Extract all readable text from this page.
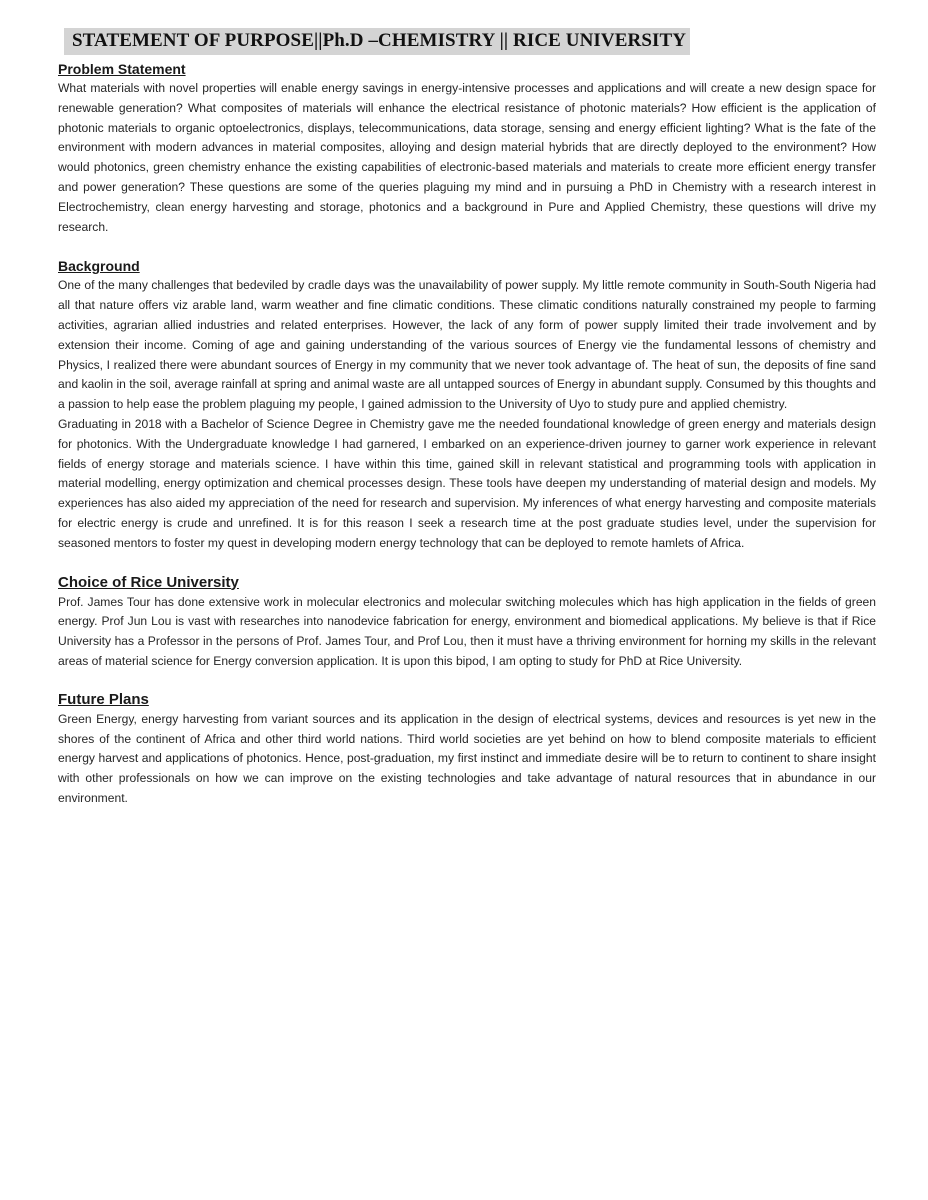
STATEMENT OF PURPOSE||Ph.D –CHEMISTRY || RICE UNIVERSITY

Problem Statement

What materials with novel properties will enable energy savings in energy-intensive processes and applications and will create a new design space for renewable generation? What composites of materials will enhance the electrical resistance of photonic materials? How efficient is the application of photonic materials to organic optoelectronics, displays, telecommunications, data storage, sensing and energy efficient lighting? What is the fate of the environment with modern advances in material composites, alloying and design material hybrids that are directly deployed to the environment? How would photonics, green chemistry enhance the existing capabilities of electronic-based materials and materials to create more efficient energy transfer and power generation? These questions are some of the queries plaguing my mind and in pursuing a PhD in Chemistry with a research interest in Electrochemistry, clean energy harvesting and storage, photonics and a background in Pure and Applied Chemistry, these questions will drive my research.

Background

One of the many challenges that bedeviled by cradle days was the unavailability of power supply. My little remote community in South-South Nigeria had all that nature offers viz arable land, warm weather and fine climatic conditions. These climatic conditions naturally constrained my people to farming activities, agrarian allied industries and related enterprises. However, the lack of any form of power supply limited their trade involvement and by extension their income. Coming of age and gaining understanding of the various sources of Energy vie the fundamental lessons of chemistry and Physics, I realized there were abundant sources of Energy in my community that we never took advantage of. The heat of sun, the deposits of fine sand and kaolin in the soil, average rainfall at spring and animal waste are all untapped sources of Energy in abundant supply. Consumed by this thoughts and a passion to help ease the problem plaguing my people, I gained admission to the University of Uyo to study pure and applied chemistry.

Graduating in 2018 with a Bachelor of Science Degree in Chemistry gave me the needed foundational knowledge of green energy and materials design for photonics. With the Undergraduate knowledge I had garnered, I embarked on an experience-driven journey to garner work experience in relevant fields of energy storage and materials science. I have within this time, gained skill in relevant statistical and programming tools with application in material modelling, energy optimization and chemical processes design. These tools have deepen my understanding of material design and models. My experiences has also aided my appreciation of the need for research and supervision. My inferences of what energy harvesting and composite materials for electric energy is crude and unrefined. It is for this reason I seek a research time at the post graduate studies level, under the supervision for seasoned mentors to foster my quest in developing modern energy technology that can be deployed to remote hamlets of Africa.

Choice of Rice University

Prof. James Tour has done extensive work in molecular electronics and molecular switching molecules which has high application in the fields of green energy. Prof Jun Lou is vast with researches into nanodevice fabrication for energy, environment and biomedical applications. My believe is that if Rice University has a Professor in the persons of Prof. James Tour, and Prof Lou, then it must have a thriving environment for horning my skills in the relevant areas of material science for Energy conversion application. It is upon this bipod, I am opting to study for PhD at Rice University.

Future Plans

Green Energy, energy harvesting from variant sources and its application in the design of electrical systems, devices and resources is yet new in the shores of the continent of Africa and other third world nations. Third world societies are yet behind on how to blend composite materials to efficient energy harvest and applications of photonics. Hence, post-graduation, my first instinct and immediate desire will be to return to continent to share insight with other professionals on how we can improve on the existing technologies and take advantage of natural resources that in abundance in our environment.
